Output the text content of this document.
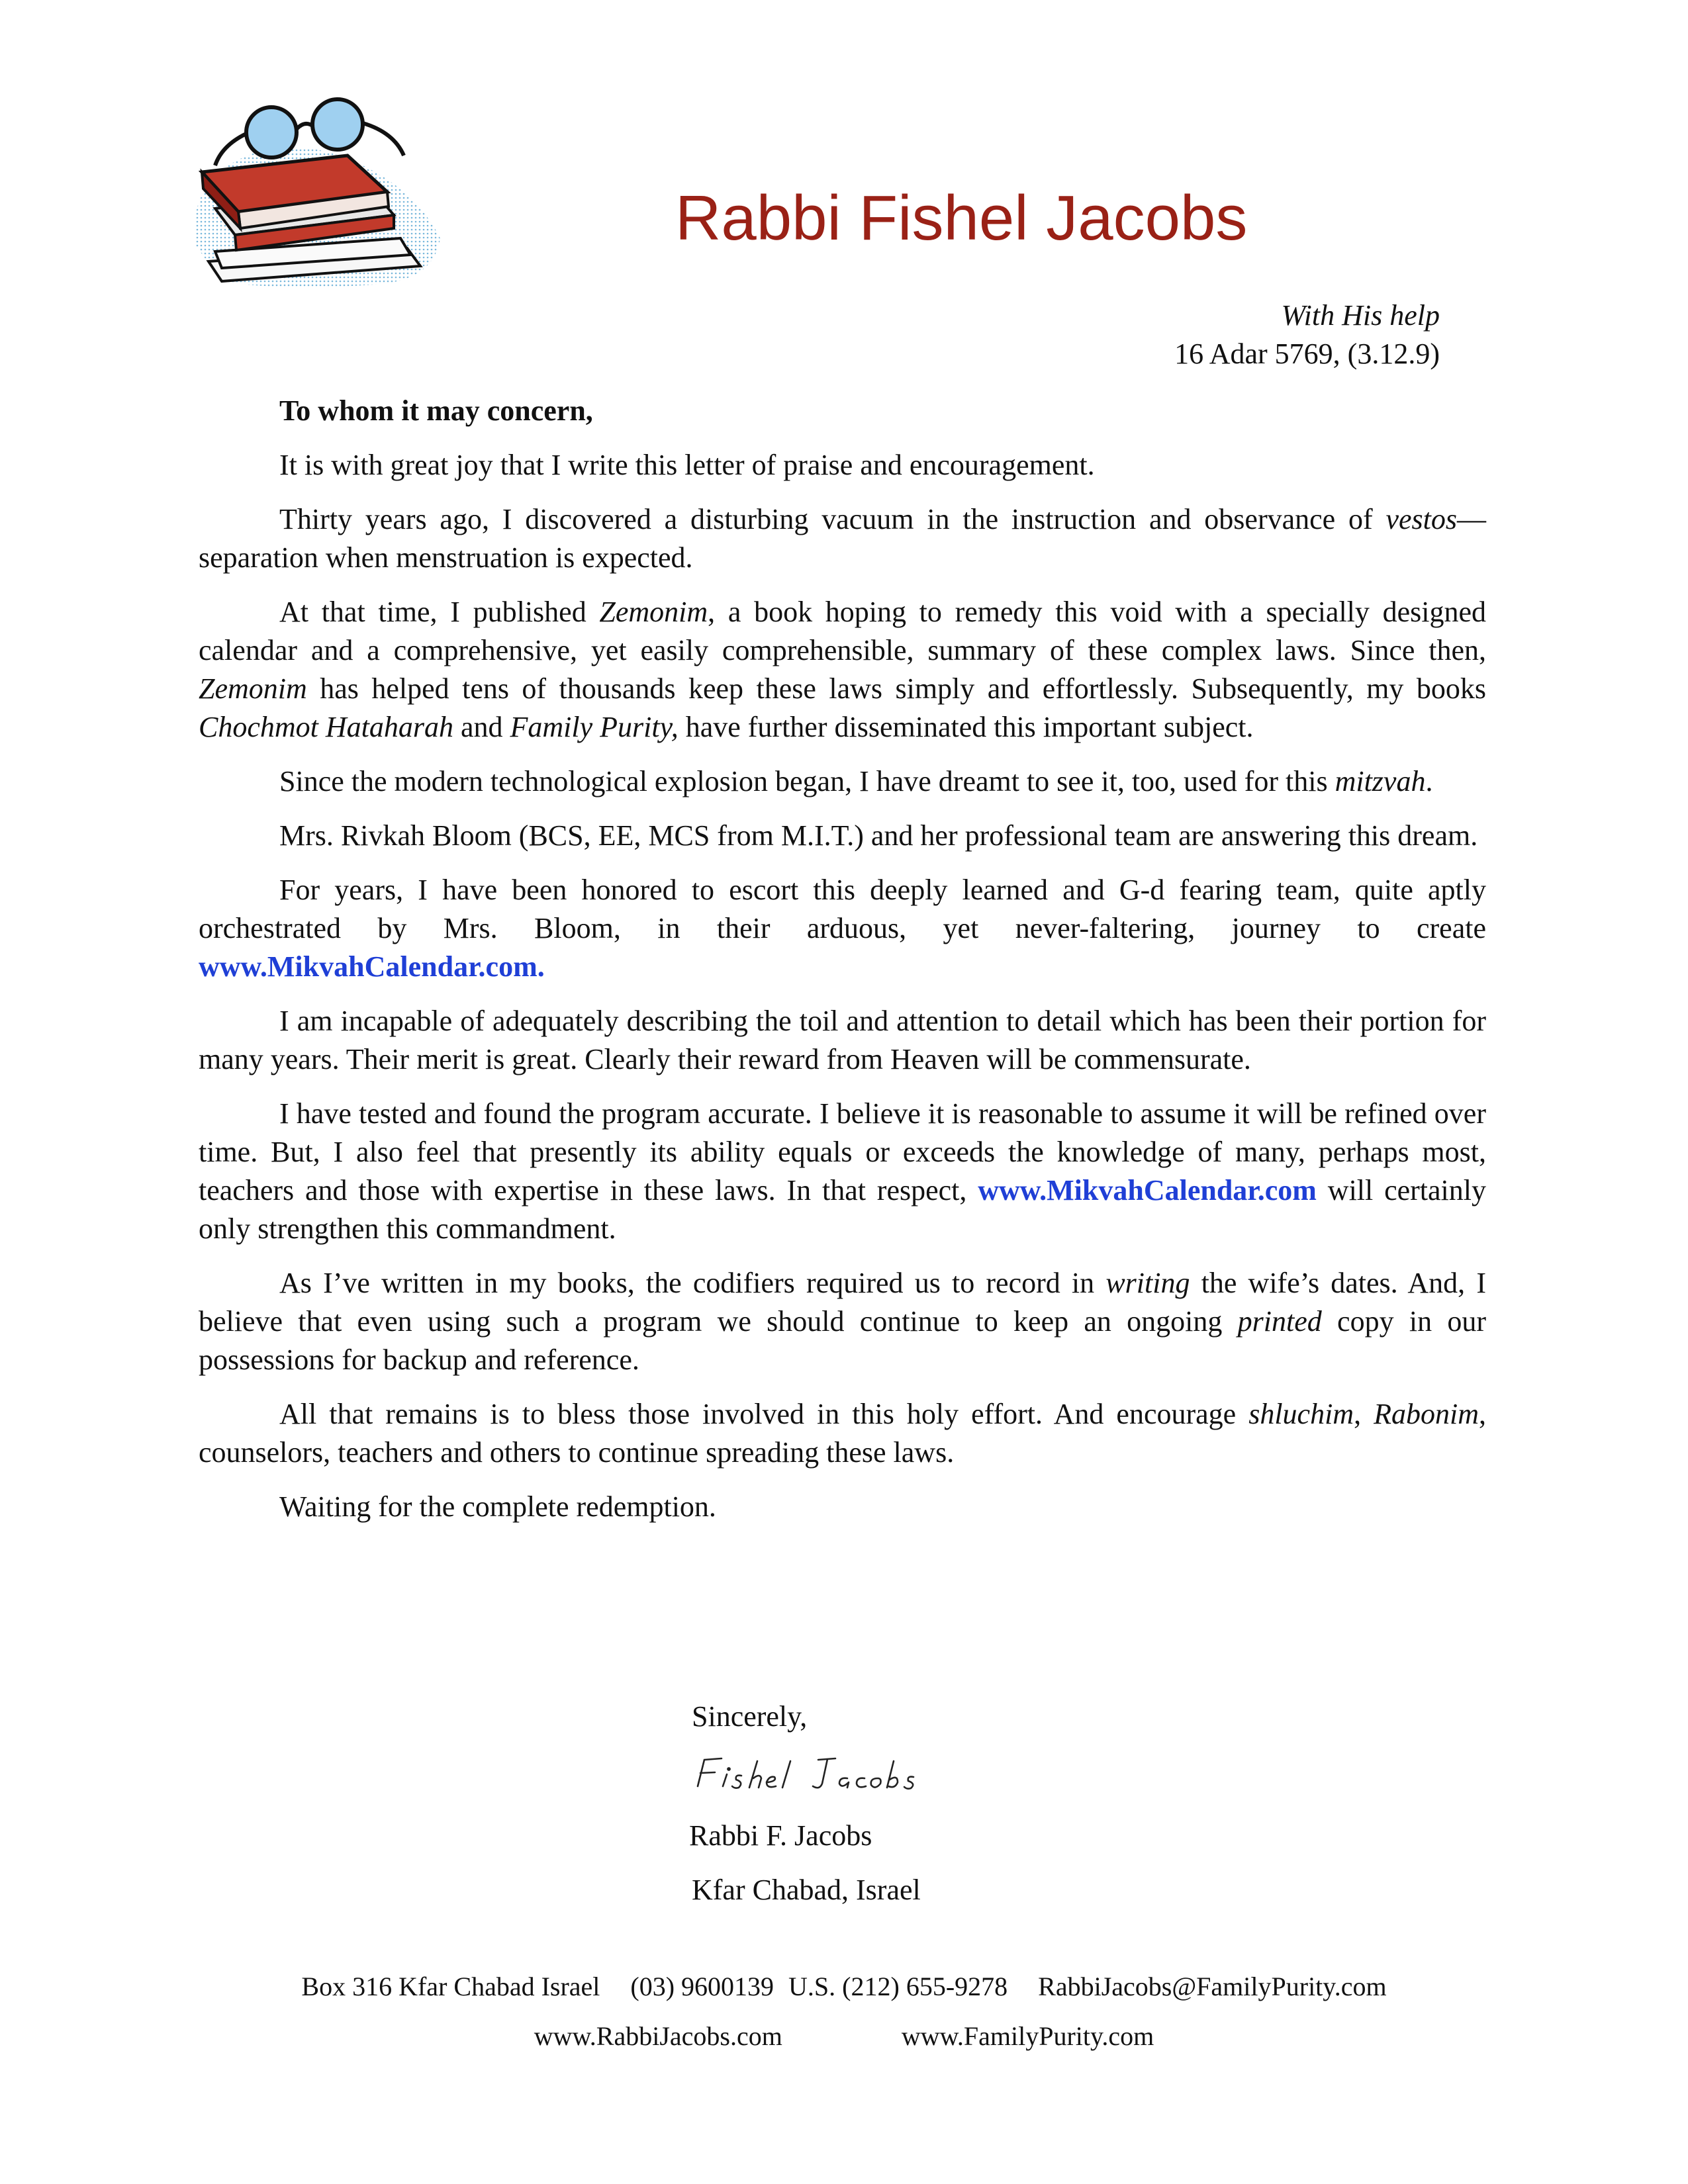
Rabbi Fishel Jacobs
With His help
16 Adar 5769, (3.12.9)

To whom it may concern,

It is with great joy that I write this letter of praise and encouragement.

Thirty years ago, I discovered a disturbing vacuum in the instruction and observance of vestos—separation when menstruation is expected.

At that time, I published Zemonim, a book hoping to remedy this void with a specially designed calendar and a comprehensive, yet easily comprehensible, summary of these complex laws. Since then, Zemonim has helped tens of thousands keep these laws simply and effortlessly. Subsequently, my books Chochmot Hataharah and Family Purity, have further disseminated this important subject.

Since the modern technological explosion began, I have dreamt to see it, too, used for this mitzvah.

Mrs. Rivkah Bloom (BCS, EE, MCS from M.I.T.) and her professional team are answering this dream.

For years, I have been honored to escort this deeply learned and G-d fearing team, quite aptly orchestrated by Mrs. Bloom, in their arduous, yet never-faltering, journey to create www.MikvahCalendar.com.

I am incapable of adequately describing the toil and attention to detail which has been their portion for many years. Their merit is great. Clearly their reward from Heaven will be commensurate.

I have tested and found the program accurate. I believe it is reasonable to assume it will be refined over time. But, I also feel that presently its ability equals or exceeds the knowledge of many, perhaps most, teachers and those with expertise in these laws. In that respect, www.MikvahCalendar.com will certainly only strengthen this commandment.

As I’ve written in my books, the codifiers required us to record in writing the wife’s dates. And, I believe that even using such a program we should continue to keep an ongoing printed copy in our possessions for backup and reference.

All that remains is to bless those involved in this holy effort. And encourage shluchim, Rabonim, counselors, teachers and others to continue spreading these laws.

Waiting for the complete redemption.

Sincerely,
Rabbi F. Jacobs
Kfar Chabad, Israel
Box 316 Kfar Chabad Israel (03) 9600139 U.S. (212) 655-9278 RabbiJacobs@FamilyPurity.com
www.RabbiJacobs.com	www.FamilyPurity.com
